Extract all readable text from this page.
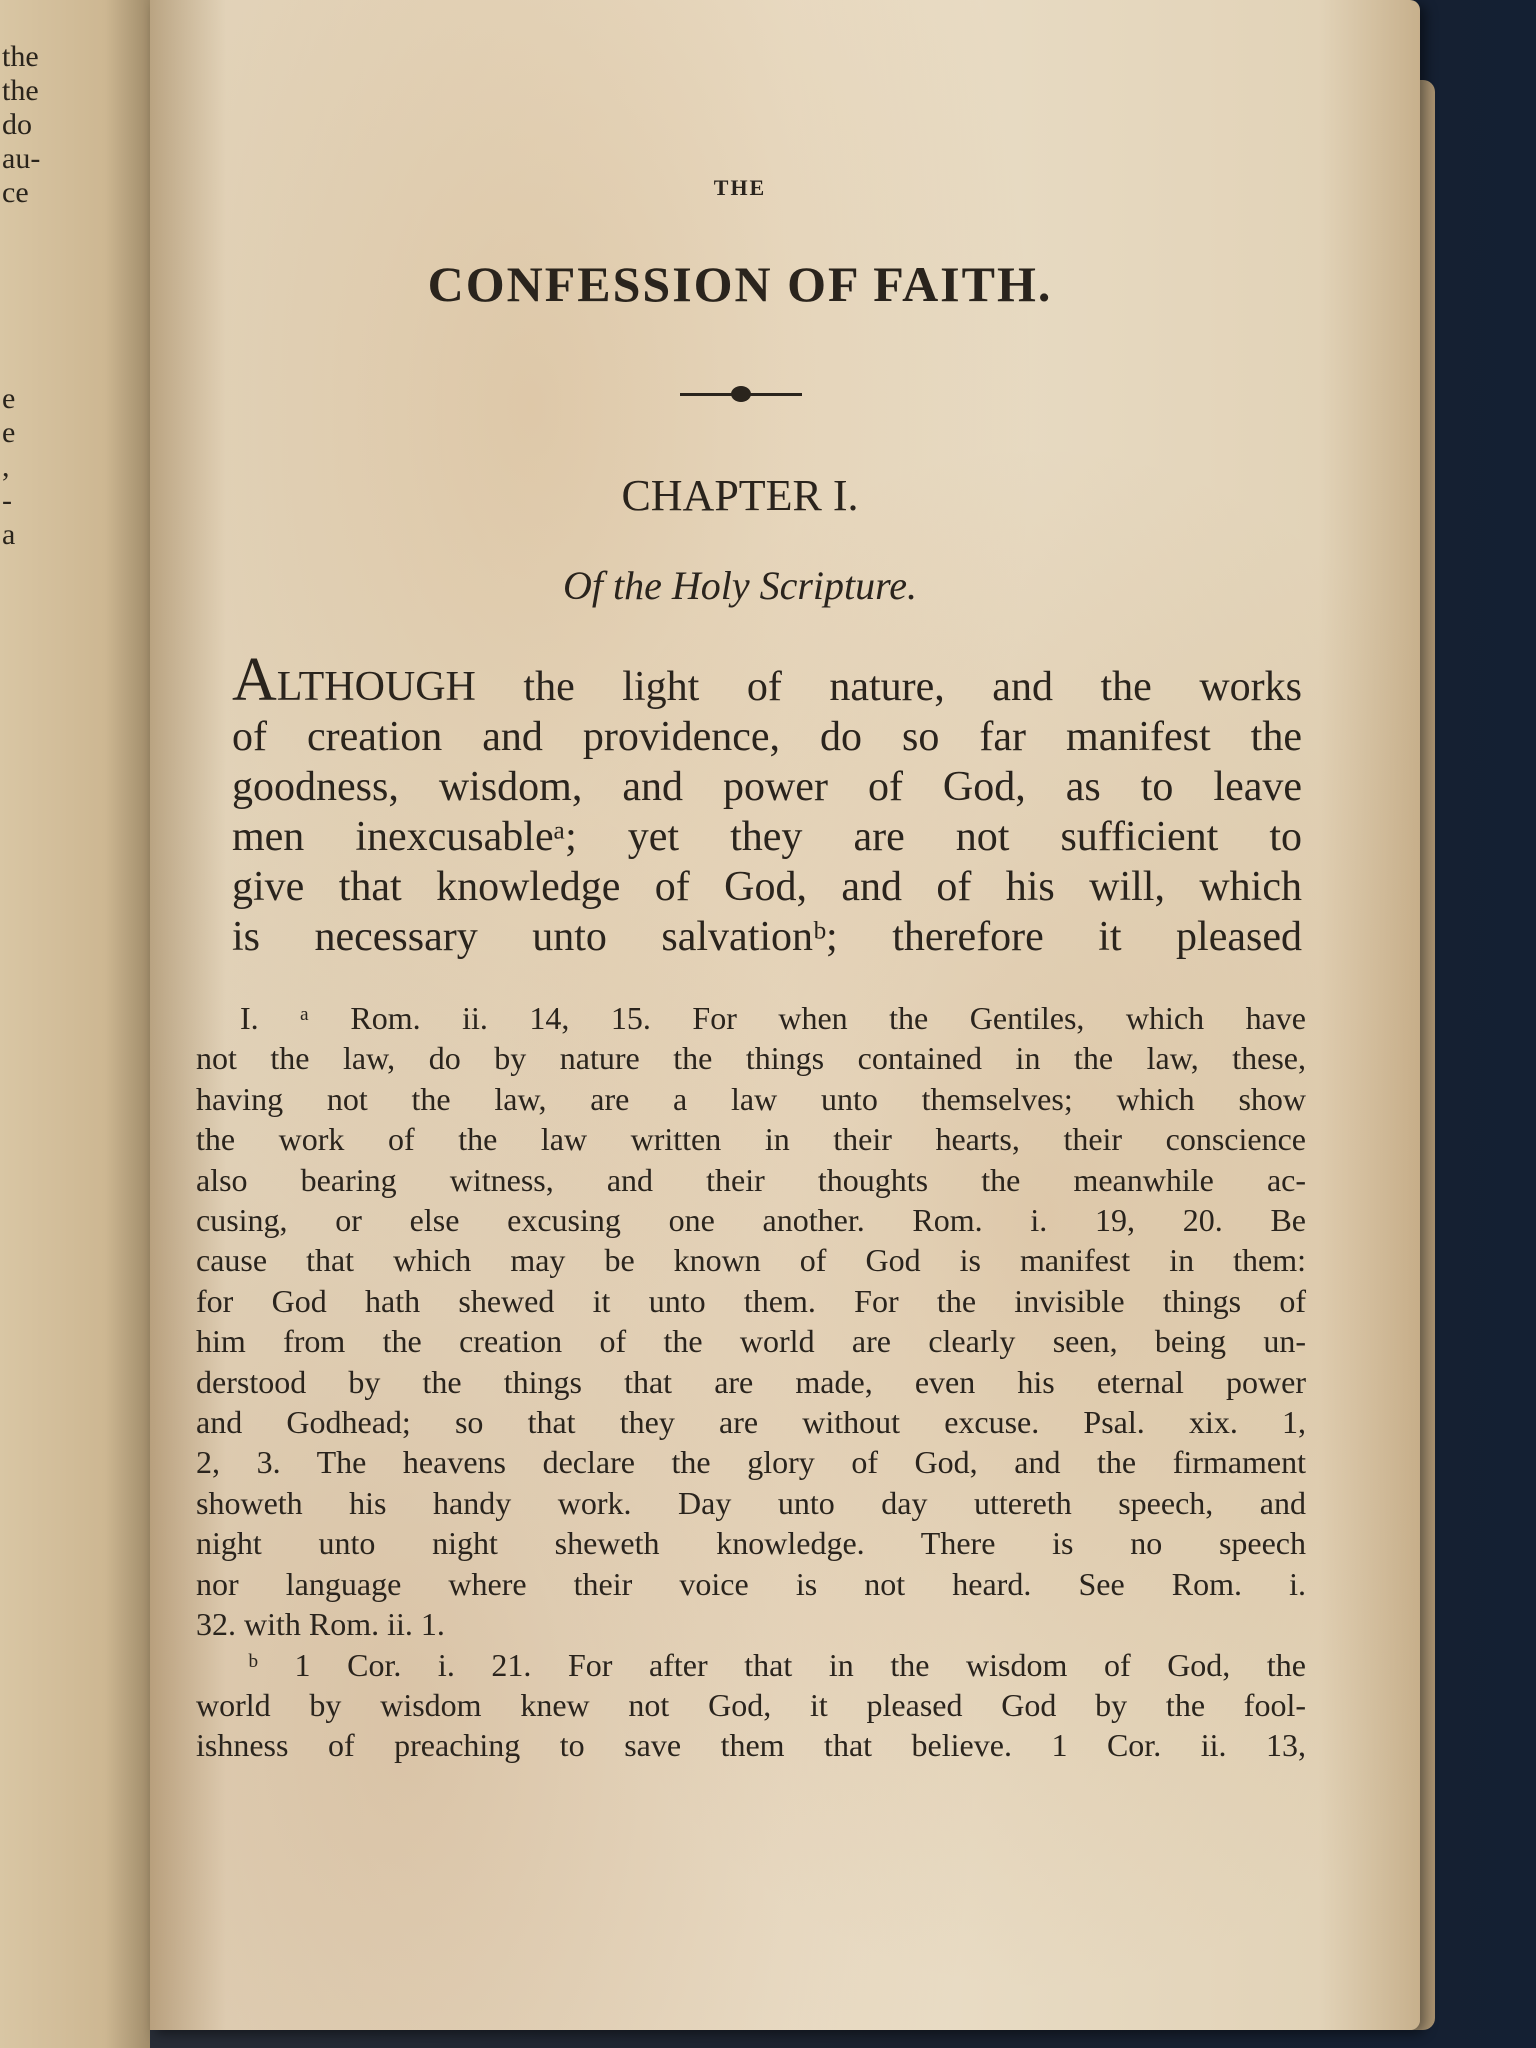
the
the
do
au-
ce
e
e
,
-
a
THE
CONFESSION OF FAITH.
CHAPTER I.
Of the Holy Scripture.
ALTHOUGH the light of nature, and the works
of creation and providence, do so far manifest the
goodness, wisdom, and power of God, as to leave
men inexcusableᵃ; yet they are not sufficient to
give that knowledge of God, and of his will, which
is necessary unto salvationᵇ; therefore it pleased
I. ᵃ Rom. ii. 14, 15. For when the Gentiles, which have
not the law, do by nature the things contained in the law, these,
having not the law, are a law unto themselves; which show
the work of the law written in their hearts, their conscience
also bearing witness, and their thoughts the meanwhile ac-
cusing, or else excusing one another. Rom. i. 19, 20. Be
cause that which may be known of God is manifest in them:
for God hath shewed it unto them. For the invisible things of
him from the creation of the world are clearly seen, being un-
derstood by the things that are made, even his eternal power
and Godhead; so that they are without excuse. Psal. xix. 1,
2, 3. The heavens declare the glory of God, and the firmament
showeth his handy work. Day unto day uttereth speech, and
night unto night sheweth knowledge. There is no speech
nor language where their voice is not heard. See Rom. i.
32. with Rom. ii. 1.
ᵇ 1 Cor. i. 21. For after that in the wisdom of God, the
world by wisdom knew not God, it pleased God by the fool-
ishness of preaching to save them that believe. 1 Cor. ii. 13,
